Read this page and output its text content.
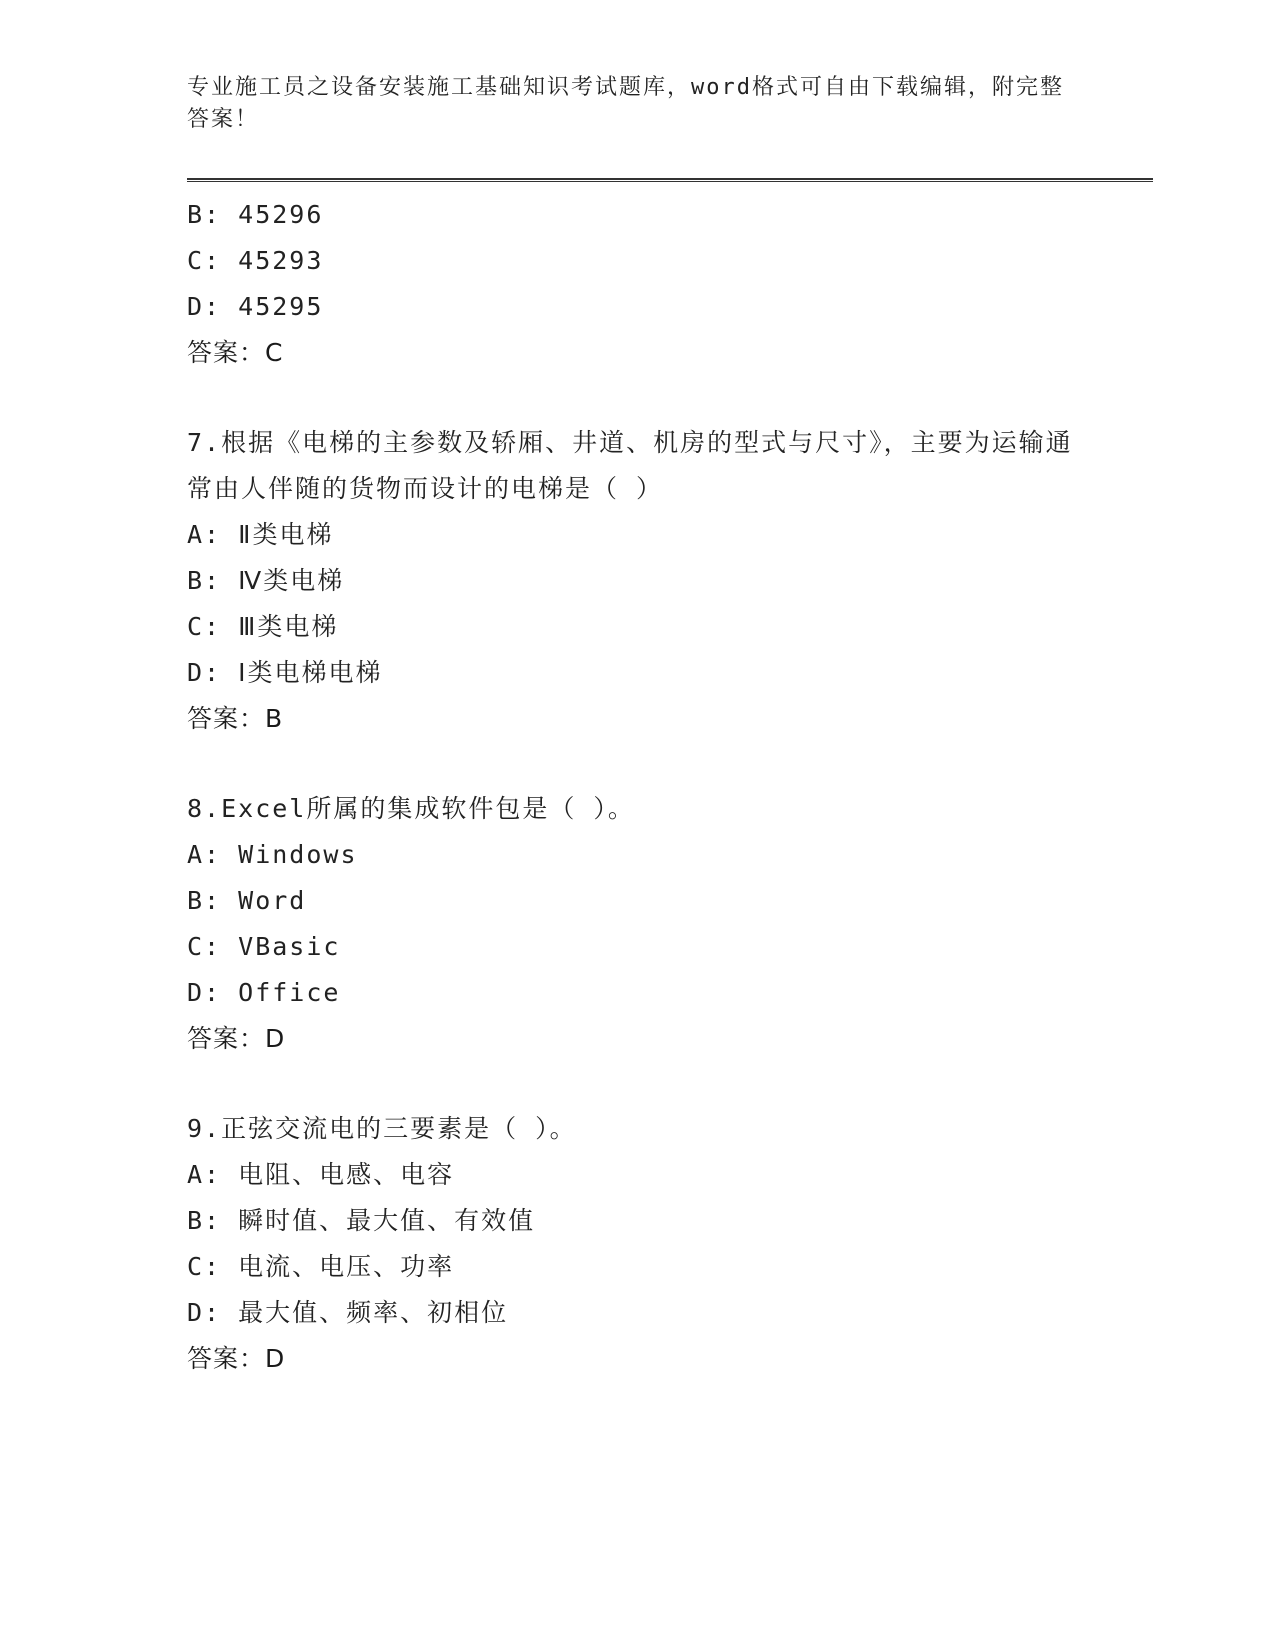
专业施工员之设备安装施工基础知识考试题库，word格式可自由下载编辑，附完整答案！
B: 45296
C: 45293
D: 45295
答案：C
7.根据《电梯的主参数及轿厢、井道、机房的型式与尺寸》，主要为运输通常由人伴随的货物而设计的电梯是（ ）
A: Ⅱ类电梯
B: Ⅳ类电梯
C: Ⅲ类电梯
D: Ⅰ类电梯电梯
答案：B
8.Excel所属的集成软件包是（ ）。
A: Windows
B: Word
C: VBasic
D: Office
答案：D
9.正弦交流电的三要素是（ ）。
A: 电阻、电感、电容
B: 瞬时值、最大值、有效值
C: 电流、电压、功率
D: 最大值、频率、初相位
答案：D
